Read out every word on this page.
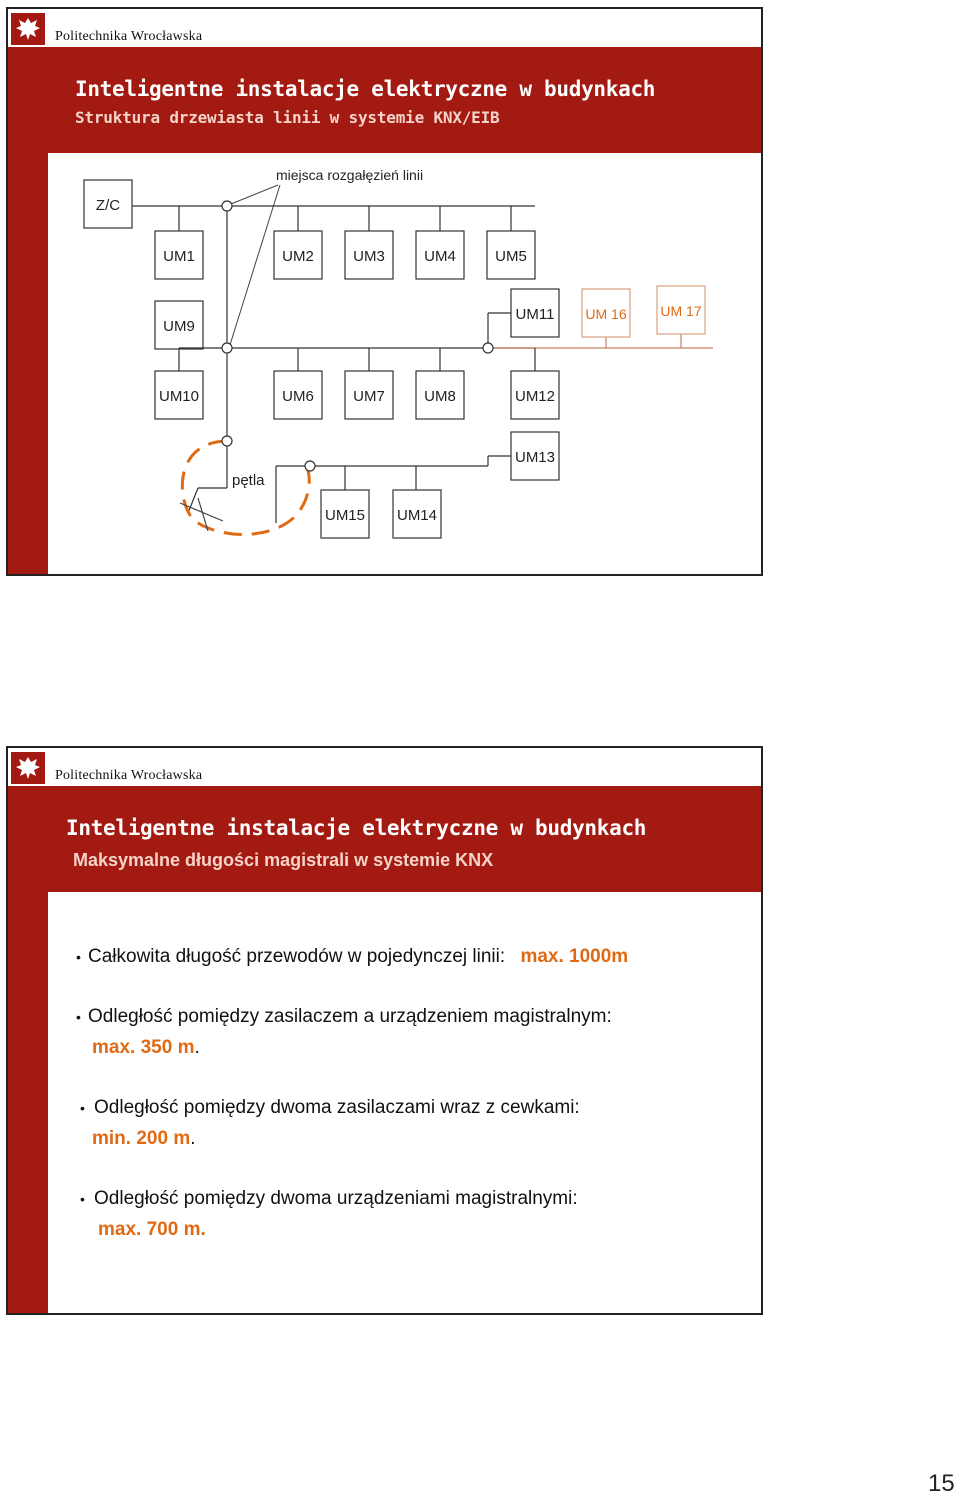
Politechnika Wrocławska
Inteligentne instalacje elektryczne w budynkach
Struktura drzewiasta linii w systemie KNX/EIB
miejsca rozgałęzień linii
Z/C
UM1	UM2	UM3	UM4	UM5
UM9
UM11 UM 16 UM 17
UM10	UM6	UM7	UM8	UM12
UM13
UM15 UM14
pętla
Politechnika Wrocławska
Inteligentne instalacje elektryczne w budynkach
Maksymalne długości magistrali w systemie KNX
• Całkowita długość przewodów w pojedynczej linii: max. 1000m
• Odległość pomiędzy zasilaczem a urządzeniem magistralnym:
max. 350 m.
• Odległość pomiędzy dwoma zasilaczami wraz z cewkami:
min. 200 m.
• Odległość pomiędzy dwoma urządzeniami magistralnymi:
max. 700 m.
15
